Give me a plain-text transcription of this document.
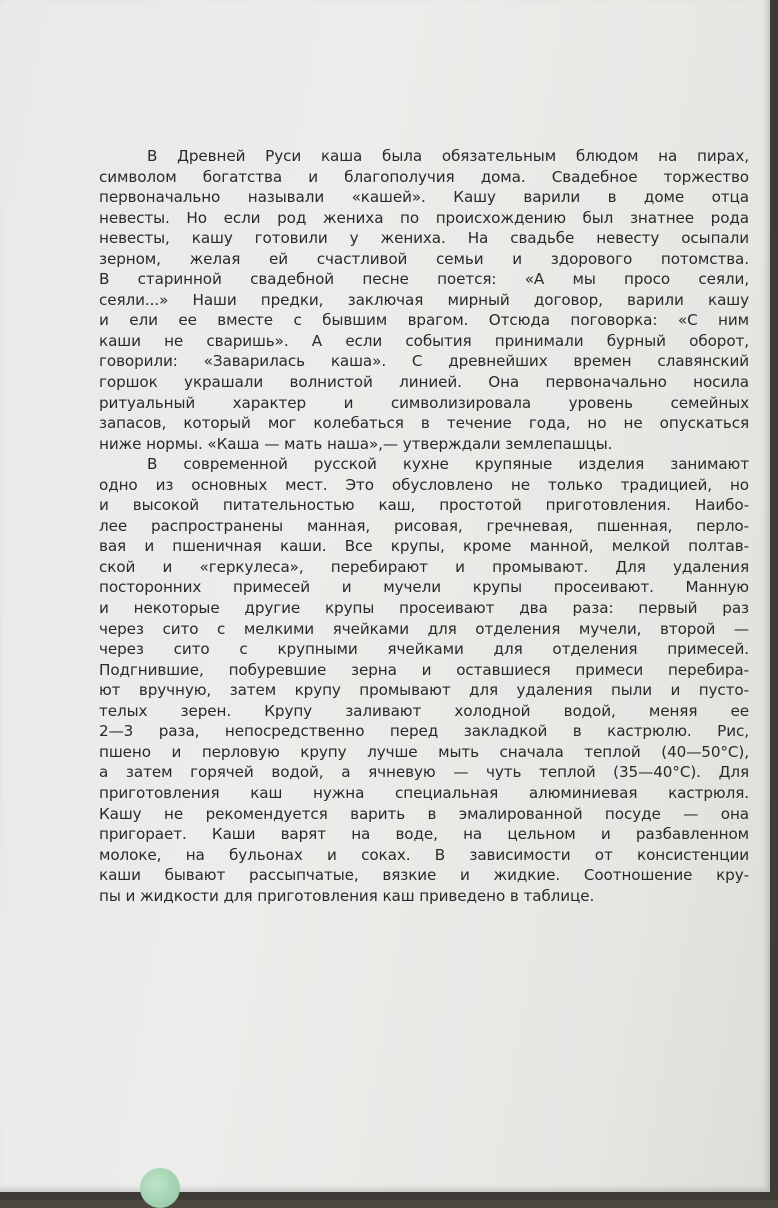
В Древней Руси каша была обязательным блюдом на пирах,
символом богатства и благополучия дома. Свадебное торжество
первоначально называли «кашей». Кашу варили в доме отца
невесты. Но если род жениха по происхождению был знатнее рода
невесты, кашу готовили у жениха. На свадьбе невесту осыпали
зерном, желая ей счастливой семьи и здорового потомства.
В старинной свадебной песне поется: «А мы просо сеяли,
сеяли...» Наши предки, заключая мирный договор, варили кашу
и ели ее вместе с бывшим врагом. Отсюда поговорка: «С ним
каши не сваришь». А если события принимали бурный оборот,
говорили: «Заварилась каша». С древнейших времен славянский
горшок украшали волнистой линией. Она первоначально носила
ритуальный характер и символизировала уровень семейных
запасов, который мог колебаться в течение года, но не опускаться
ниже нормы. «Каша — мать наша»,— утверждали землепашцы.
В современной русской кухне крупяные изделия занимают
одно из основных мест. Это обусловлено не только традицией, но
и высокой питательностью каш, простотой приготовления. Наибо-
лее распространены манная, рисовая, гречневая, пшенная, перло-
вая и пшеничная каши. Все крупы, кроме манной, мелкой полтав-
ской и «геркулеса», перебирают и промывают. Для удаления
посторонних примесей и мучели крупы просеивают. Манную
и некоторые другие крупы просеивают два раза: первый раз
через сито с мелкими ячейками для отделения мучели, второй —
через сито с крупными ячейками для отделения примесей.
Подгнившие, побуревшие зерна и оставшиеся примеси перебира-
ют вручную, затем крупу промывают для удаления пыли и пусто-
телых зерен. Крупу заливают холодной водой, меняя ее
2—3 раза, непосредственно перед закладкой в кастрюлю. Рис,
пшено и перловую крупу лучше мыть сначала теплой (40—50°С),
а затем горячей водой, а ячневую — чуть теплой (35—40°С). Для
приготовления каш нужна специальная алюминиевая кастрюля.
Кашу не рекомендуется варить в эмалированной посуде — она
пригорает. Каши варят на воде, на цельном и разбавленном
молоке, на бульонах и соках. В зависимости от консистенции
каши бывают рассыпчатые, вязкие и жидкие. Соотношение кру-
пы и жидкости для приготовления каш приведено в таблице.
